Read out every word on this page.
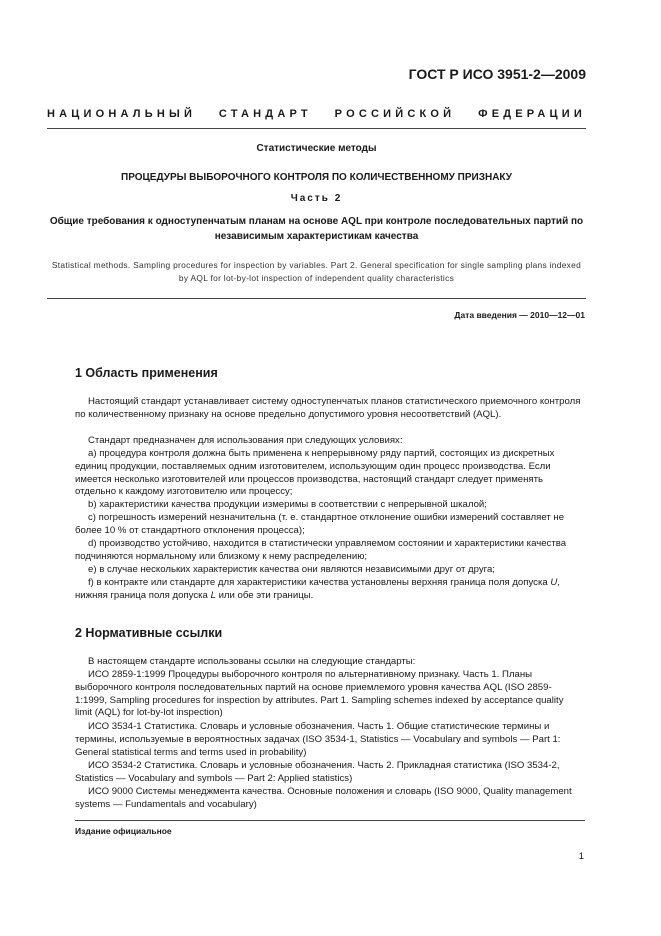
ГОСТ Р ИСО 3951-2—2009
НАЦИОНАЛЬНЫЙ СТАНДАРТ РОССИЙСКОЙ ФЕДЕРАЦИИ
Статистические методы
ПРОЦЕДУРЫ ВЫБОРОЧНОГО КОНТРОЛЯ ПО КОЛИЧЕСТВЕННОМУ ПРИЗНАКУ
Часть 2
Общие требования к одноступенчатым планам на основе AQL при контроле последовательных партий по независимым характеристикам качества
Statistical methods. Sampling procedures for inspection by variables. Part 2. General specification for single sampling plans indexed by AQL for lot-by-lot inspection of independent quality characteristics
Дата введения — 2010—12—01
1 Область применения

Настоящий стандарт устанавливает систему одноступенчатых планов статистического приемочного контроля по количественному признаку на основе предельно допустимого уровня несоответствий (AQL).

Стандарт предназначен для использования при следующих условиях:

а) процедура контроля должна быть применена к непрерывному ряду партий, состоящих из дискретных единиц продукции, поставляемых одним изготовителем, использующим один процесс производства. Если имеется несколько изготовителей или процессов производства, настоящий стандарт следует применять отдельно к каждому изготовителю или процессу;

b) характеристики качества продукции измеримы в соответствии с непрерывной шкалой;

c) погрешность измерений незначительна (т. е. стандартное отклонение ошибки измерений составляет не более 10 % от стандартного отклонения процесса);

d) производство устойчиво, находится в статистически управляемом состоянии и характеристики качества подчиняются нормальному или близкому к нему распределению;

e) в случае нескольких характеристик качества они являются независимыми друг от друга;

f) в контракте или стандарте для характеристики качества установлены верхняя граница поля допуска U, нижняя граница поля допуска L или обе эти границы.

2 Нормативные ссылки

В настоящем стандарте использованы ссылки на следующие стандарты:

ИСО 2859-1:1999 Процедуры выборочного контроля по альтернативному признаку. Часть 1. Планы выборочного контроля последовательных партий на основе приемлемого уровня качества AQL (ISO 2859-1:1999, Sampling procedures for inspection by attributes. Part 1. Sampling schemes indexed by acceptance quality limit (AQL) for lot-by-lot inspection)

ИСО 3534-1 Статистика. Словарь и условные обозначения. Часть 1. Общие статистические термины и термины, используемые в вероятностных задачах (ISO 3534-1, Statistics — Vocabulary and symbols — Part 1: General statistical terms and terms used in probability)

ИСО 3534-2 Статистика. Словарь и условные обозначения. Часть 2. Прикладная статистика (ISO 3534-2, Statistics — Vocabulary and symbols — Part 2: Applied statistics)

ИСО 9000 Системы менеджмента качества. Основные положения и словарь (ISO 9000, Quality management systems — Fundamentals and vocabulary)

Издание официальное
1
